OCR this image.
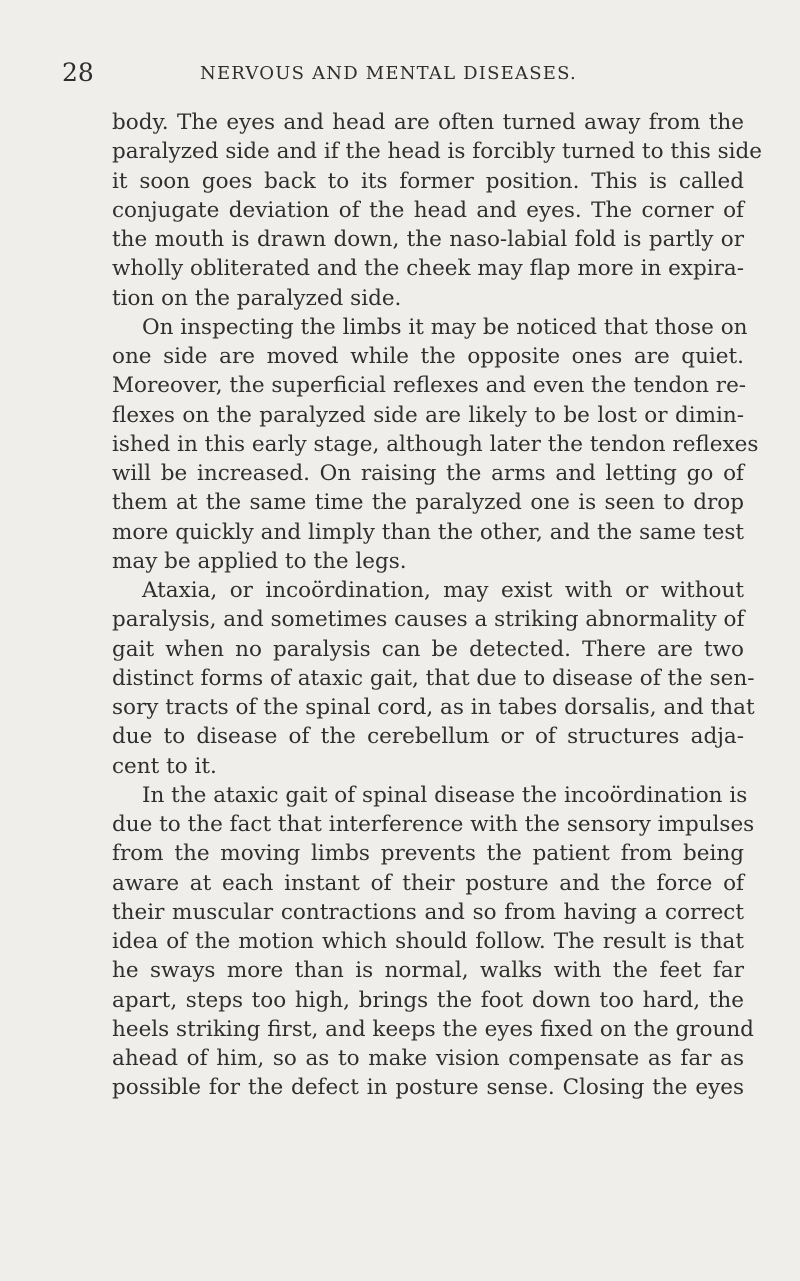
28	NERVOUS AND MENTAL DISEASES.
body. The eyes and head are often turned away from the
paralyzed side and if the head is forcibly turned to this side
it soon goes back to its former position. This is called
conjugate deviation of the head and eyes. The corner of
the mouth is drawn down, the naso-labial fold is partly or
wholly obliterated and the cheek may flap more in expira-
tion on the paralyzed side.
On inspecting the limbs it may be noticed that those on
one side are moved while the opposite ones are quiet.
Moreover, the superficial reflexes and even the tendon re-
flexes on the paralyzed side are likely to be lost or dimin-
ished in this early stage, although later the tendon reflexes
will be increased. On raising the arms and letting go of
them at the same time the paralyzed one is seen to drop
more quickly and limply than the other, and the same test
may be applied to the legs.
Ataxia, or incoördination, may exist with or without
paralysis, and sometimes causes a striking abnormality of
gait when no paralysis can be detected. There are two
distinct forms of ataxic gait, that due to disease of the sen-
sory tracts of the spinal cord, as in tabes dorsalis, and that
due to disease of the cerebellum or of structures adja-
cent to it.
In the ataxic gait of spinal disease the incoördination is
due to the fact that interference with the sensory impulses
from the moving limbs prevents the patient from being
aware at each instant of their posture and the force of
their muscular contractions and so from having a correct
idea of the motion which should follow. The result is that
he sways more than is normal, walks with the feet far
apart, steps too high, brings the foot down too hard, the
heels striking first, and keeps the eyes fixed on the ground
ahead of him, so as to make vision compensate as far as
possible for the defect in posture sense. Closing the eyes
